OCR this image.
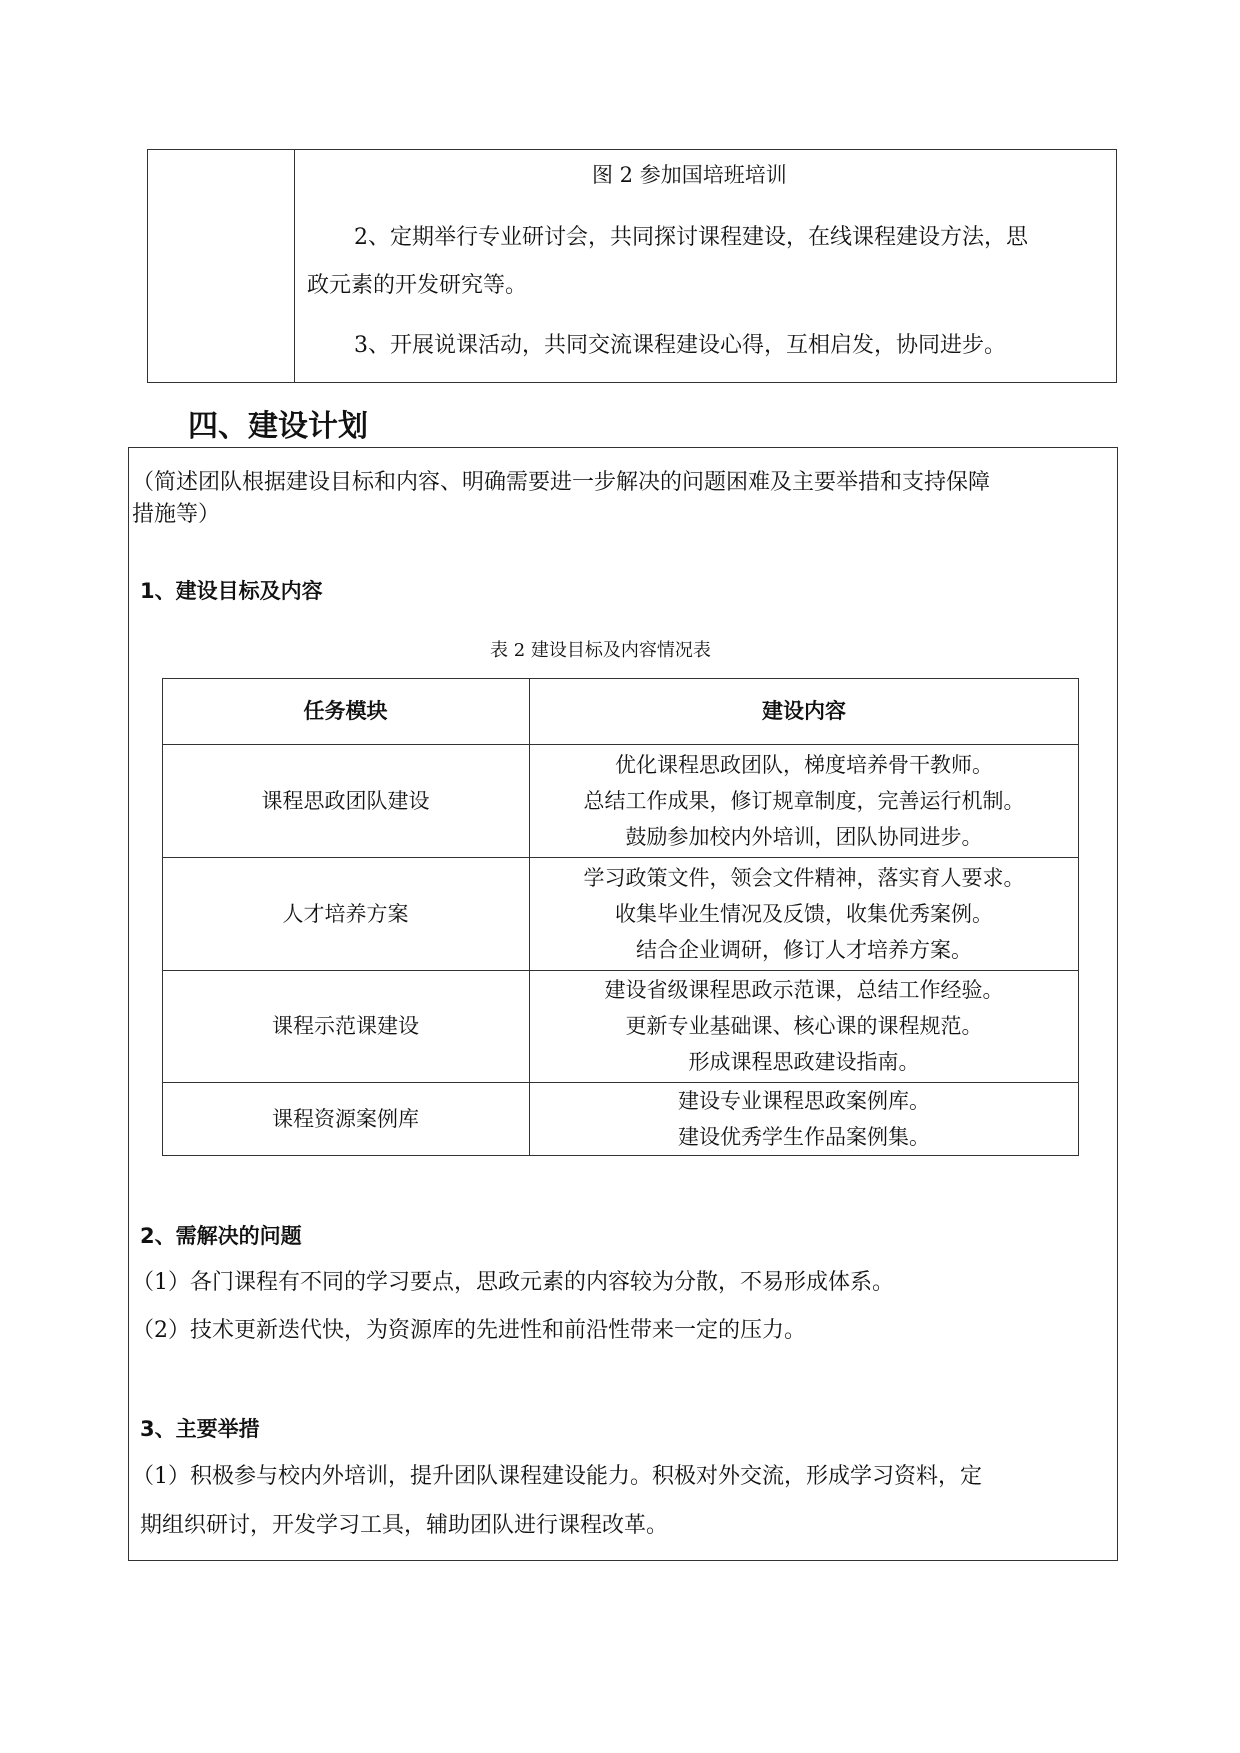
图 2 参加国培班培训
2、定期举行专业研讨会，共同探讨课程建设，在线课程建设方法，思
政元素的开发研究等。
3、开展说课活动，共同交流课程建设心得，互相启发，协同进步。
四、建设计划
（简述团队根据建设目标和内容、明确需要进一步解决的问题困难及主要举措和支持保障
措施等）
1、建设目标及内容
表 2 建设目标及内容情况表
任务模块	建设内容
课程思政团队建设
优化课程思政团队，梯度培养骨干教师。
总结工作成果，修订规章制度，完善运行机制。
鼓励参加校内外培训，团队协同进步。
人才培养方案
学习政策文件，领会文件精神，落实育人要求。
收集毕业生情况及反馈，收集优秀案例。
结合企业调研，修订人才培养方案。
课程示范课建设
建设省级课程思政示范课，总结工作经验。
更新专业基础课、核心课的课程规范。
形成课程思政建设指南。
课程资源案例库
建设专业课程思政案例库。
建设优秀学生作品案例集。
2、需解决的问题
（1）各门课程有不同的学习要点，思政元素的内容较为分散，不易形成体系。
（2）技术更新迭代快，为资源库的先进性和前沿性带来一定的压力。
3、主要举措
（1）积极参与校内外培训，提升团队课程建设能力。积极对外交流，形成学习资料，定
期组织研讨，开发学习工具，辅助团队进行课程改革。
